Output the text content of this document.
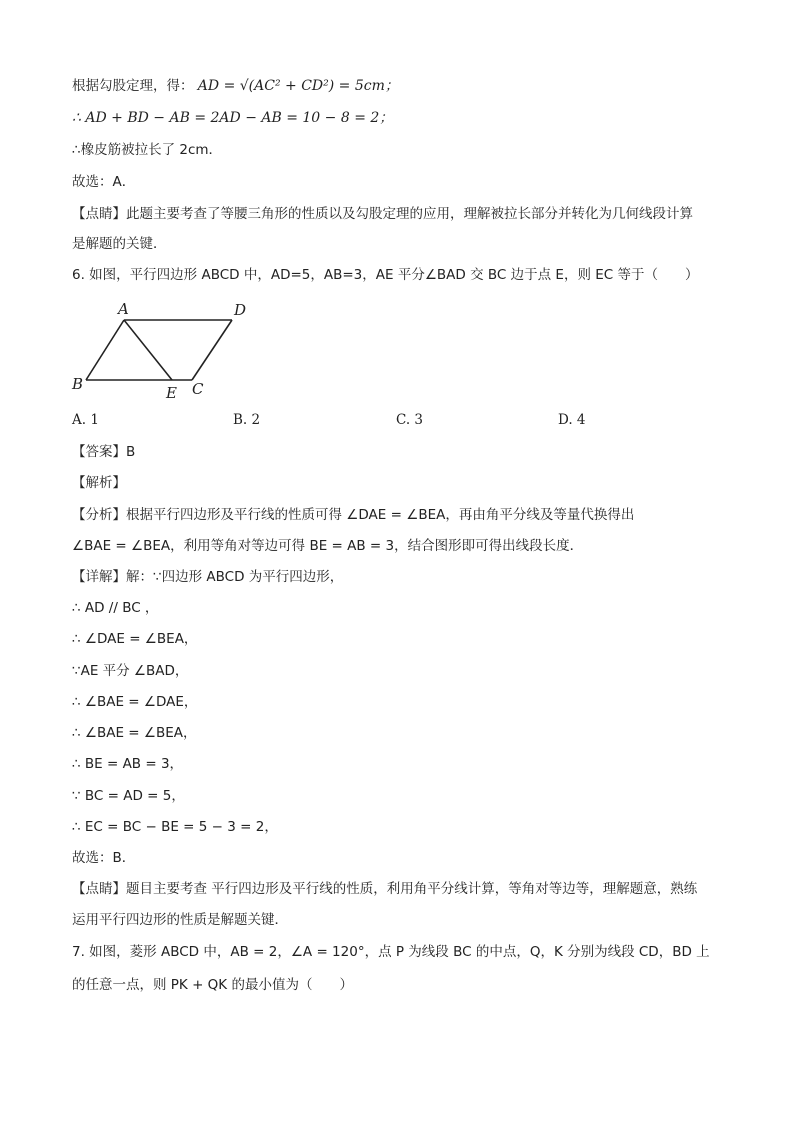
根据勾股定理，得： AD = √(AC² + CD²) = 5cm；
∴ AD + BD − AB = 2AD − AB = 10 − 8 = 2；
∴橡皮筋被拉长了 2cm．
故选：A．
【点睛】此题主要考查了等腰三角形的性质以及勾股定理的应用，理解被拉长部分并转化为几何线段计算
是解题的关键．
6. 如图，平行四边形 ABCD 中，AD=5，AB=3，AE 平分∠BAD 交 BC 边于点 E，则 EC 等于（　　）
A	D
B	E C
A. 1	B. 2	C. 3	D. 4
【答案】B
【解析】
【分析】根据平行四边形及平行线的性质可得 ∠DAE = ∠BEA，再由角平分线及等量代换得出
∠BAE = ∠BEA，利用等角对等边可得 BE = AB = 3，结合图形即可得出线段长度．
【详解】解：∵四边形 ABCD 为平行四边形，
∴ AD // BC ，
∴ ∠DAE = ∠BEA，
∵AE 平分 ∠BAD，
∴ ∠BAE = ∠DAE，
∴ ∠BAE = ∠BEA，
∴ BE = AB = 3，
∵ BC = AD = 5，
∴ EC = BC − BE = 5 − 3 = 2，
故选：B．
【点睛】题目主要考查 平行四边形及平行线的性质，利用角平分线计算，等角对等边等，理解题意，熟练
运用平行四边形的性质是解题关键．
7. 如图，菱形 ABCD 中，AB = 2，∠A = 120°，点 P 为线段 BC 的中点，Q，K 分别为线段 CD，BD 上
的任意一点，则 PK + QK 的最小值为（　　）
